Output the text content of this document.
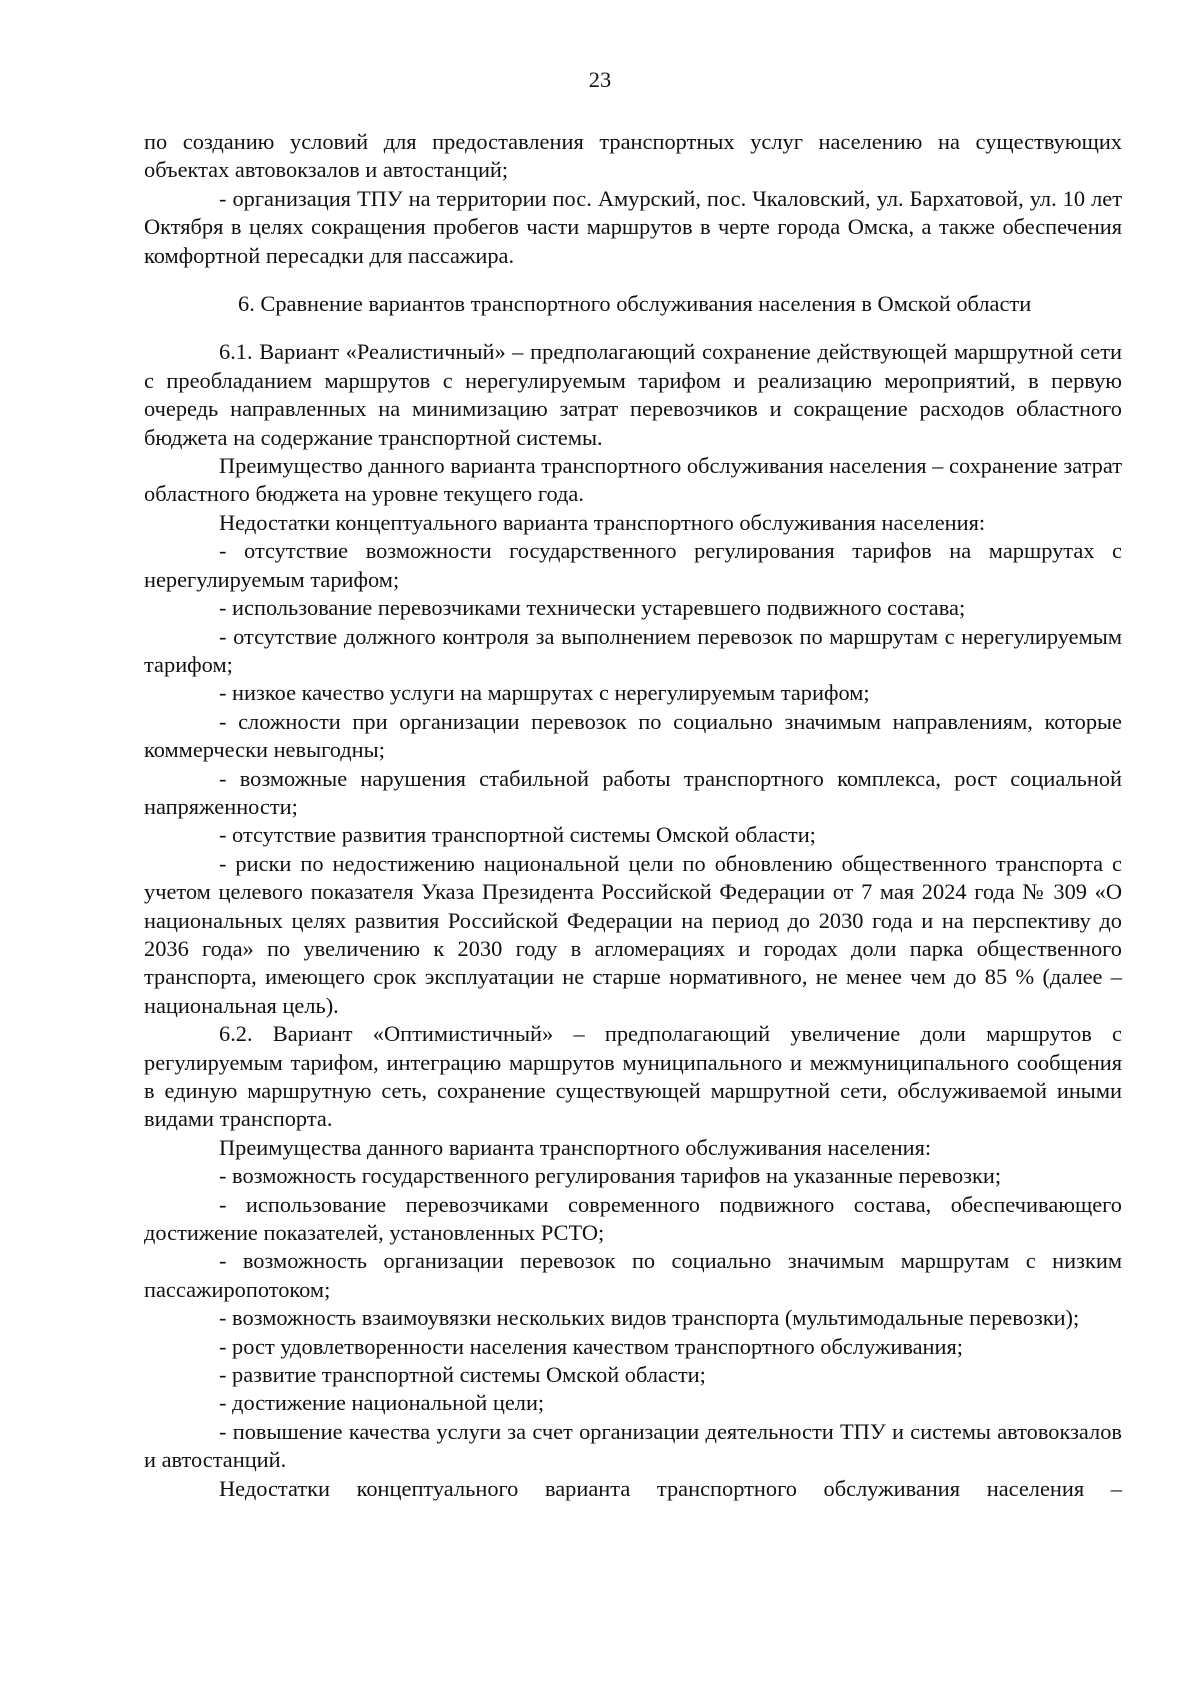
23

по созданию условий для предоставления транспортных услуг населению на существующих объектах автовокзалов и автостанций;

- организация ТПУ на территории пос. Амурский, пос. Чкаловский, ул. Бархатовой, ул. 10 лет Октября в целях сокращения пробегов части маршрутов в черте города Омска, а также обеспечения комфортной пересадки для пассажира.

6. Сравнение вариантов транспортного обслуживания населения в Омской области

6.1. Вариант «Реалистичный» – предполагающий сохранение действующей маршрутной сети с преобладанием маршрутов с нерегулируемым тарифом и реализацию мероприятий, в первую очередь направленных на минимизацию затрат перевозчиков и сокращение расходов областного бюджета на содержание транспортной системы.

Преимущество данного варианта транспортного обслуживания населения – сохранение затрат областного бюджета на уровне текущего года.

Недостатки концептуального варианта транспортного обслуживания населения:

- отсутствие возможности государственного регулирования тарифов на маршрутах с нерегулируемым тарифом;

- использование перевозчиками технически устаревшего подвижного состава;

- отсутствие должного контроля за выполнением перевозок по маршрутам с нерегулируемым тарифом;

- низкое качество услуги на маршрутах с нерегулируемым тарифом;

- сложности при организации перевозок по социально значимым направлениям, которые коммерчески невыгодны;

- возможные нарушения стабильной работы транспортного комплекса, рост социальной напряженности;

- отсутствие развития транспортной системы Омской области;

- риски по недостижению национальной цели по обновлению общественного транспорта с учетом целевого показателя Указа Президента Российской Федерации от 7 мая 2024 года № 309 «О национальных целях развития Российской Федерации на период до 2030 года и на перспективу до 2036 года» по увеличению к 2030 году в агломерациях и городах доли парка общественного транспорта, имеющего срок эксплуатации не старше нормативного, не менее чем до 85 % (далее – национальная цель).

6.2. Вариант «Оптимистичный» – предполагающий увеличение доли маршрутов с регулируемым тарифом, интеграцию маршрутов муниципального и межмуниципального сообщения в единую маршрутную сеть, сохранение существующей маршрутной сети, обслуживаемой иными видами транспорта.

Преимущества данного варианта транспортного обслуживания населения:

- возможность государственного регулирования тарифов на указанные перевозки;

- использование перевозчиками современного подвижного состава, обеспечивающего достижение показателей, установленных РСТО;

- возможность организации перевозок по социально значимым маршрутам с низким пассажиропотоком;

- возможность взаимоувязки нескольких видов транспорта (мультимодальные перевозки);

- рост удовлетворенности населения качеством транспортного обслуживания;

- развитие транспортной системы Омской области;

- достижение национальной цели;

- повышение качества услуги за счет организации деятельности ТПУ и системы автовокзалов и автостанций.

Недостатки концептуального варианта транспортного обслуживания населения –
